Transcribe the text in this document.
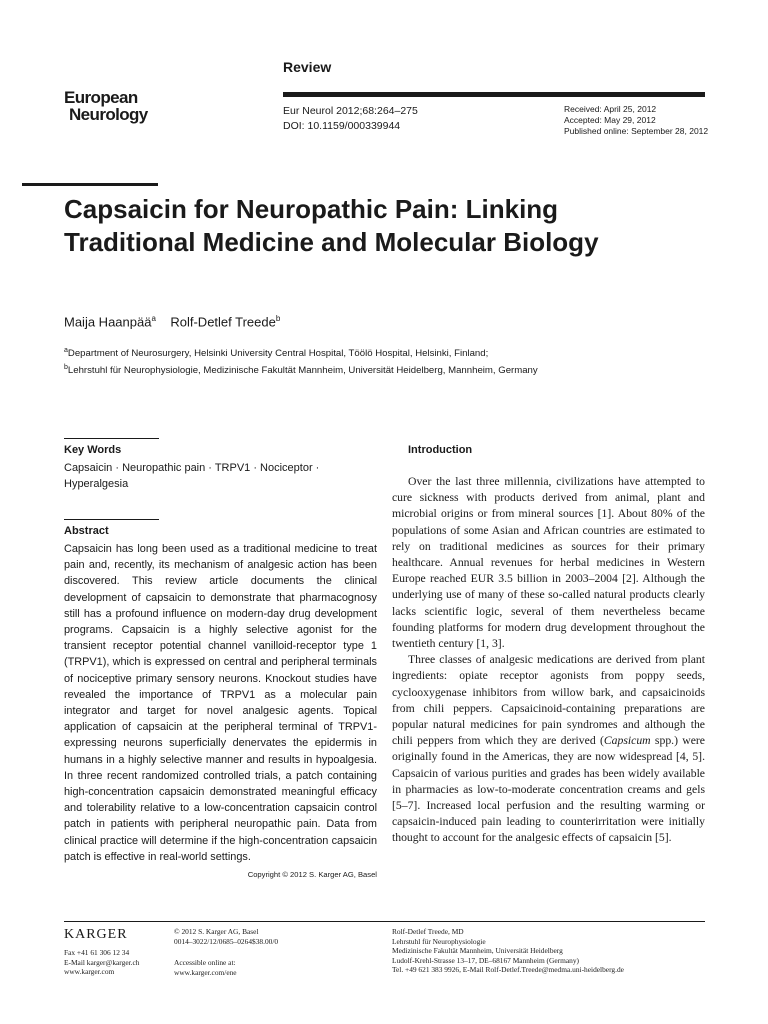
Review
European
Neurology	Eur Neurol 2012;68:264–275
DOI: 10.1159/000339944
Received: April 25, 2012
Accepted: May 29, 2012
Published online: September 28, 2012
Capsaicin for Neuropathic Pain: Linking Traditional Medicine and Molecular Biology
Maija Haanpää$^a$ Rolf-Detlef Treede$^b$
$^a$Department of Neurosurgery, Helsinki University Central Hospital, Töölö Hospital, Helsinki, Finland;
$^b$Lehrstuhl für Neurophysiologie, Medizinische Fakultät Mannheim, Universität Heidelberg, Mannheim, Germany
Key Words
Capsaicin · Neuropathic pain · TRPV1 · Nociceptor · Hyperalgesia
Abstract
Capsaicin has long been used as a traditional medicine to treat pain and, recently, its mechanism of analgesic action has been discovered. This review article documents the clinical development of capsaicin to demonstrate that pharmacognosy still has a profound influence on modern-day drug development programs. Capsaicin is a highly selective agonist for the transient receptor potential channel vanilloid-receptor type 1 (TRPV1), which is expressed on central and peripheral terminals of nociceptive primary sensory neurons. Knockout studies have revealed the importance of TRPV1 as a molecular pain integrator and target for novel analgesic agents. Topical application of capsaicin at the peripheral terminal of TRPV1-expressing neurons superficially denervates the epidermis in humans in a highly selective manner and results in hypoalgesia. In three recent randomized controlled trials, a patch containing high-concentration capsaicin demonstrated meaningful efficacy and tolerability relative to a low-concentration capsaicin control patch in patients with peripheral neuropathic pain. Data from clinical practice will determine if the high-concentration capsaicin patch is effective in real-world settings.
Copyright © 2012 S. Karger AG, Basel
Introduction

Over the last three millennia, civilizations have attempted to cure sickness with products derived from animal, plant and microbial origins or from mineral sources [1]. About 80% of the populations of some Asian and African countries are estimated to rely on traditional medicines as sources for their primary healthcare. Annual revenues for herbal medicines in Western Europe reached EUR 3.5 billion in 2003–2004 [2]. Although the underlying use of many of these so-called natural products clearly lacks scientific logic, several of them nevertheless became founding platforms for modern drug development throughout the twentieth century [1, 3].

Three classes of analgesic medications are derived from plant ingredients: opiate receptor agonists from poppy seeds, cyclooxygenase inhibitors from willow bark, and capsaicinoids from chili peppers. Capsaicinoid-containing preparations are popular natural medicines for pain syndromes and although the chili peppers from which they are derived (Capsicum spp.) were originally found in the Americas, they are now widespread [4, 5]. Capsaicin of various purities and grades has been widely available in pharmacies as low-to-moderate concentration creams and gels [5–7]. Increased local perfusion and the resulting warming or capsaicin-induced pain leading to counterirritation were initially thought to account for the analgesic effects of capsaicin [5].

KARGER
Fax +41 61 306 12 34
E-Mail karger@karger.ch
www.karger.com
© 2012 S. Karger AG, Basel
0014–3022/12/0685–0264$38.00/0
Accessible online at:
www.karger.com/ene
Rolf-Detlef Treede, MD
Lehrstuhl für Neurophysiologie
Medizinische Fakultät Mannheim, Universität Heidelberg
Ludolf-Krehl-Strasse 13–17, DE–68167 Mannheim (Germany)
Tel. +49 621 383 9926, E-Mail Rolf-Detlef.Treede@medma.uni-heidelberg.de
